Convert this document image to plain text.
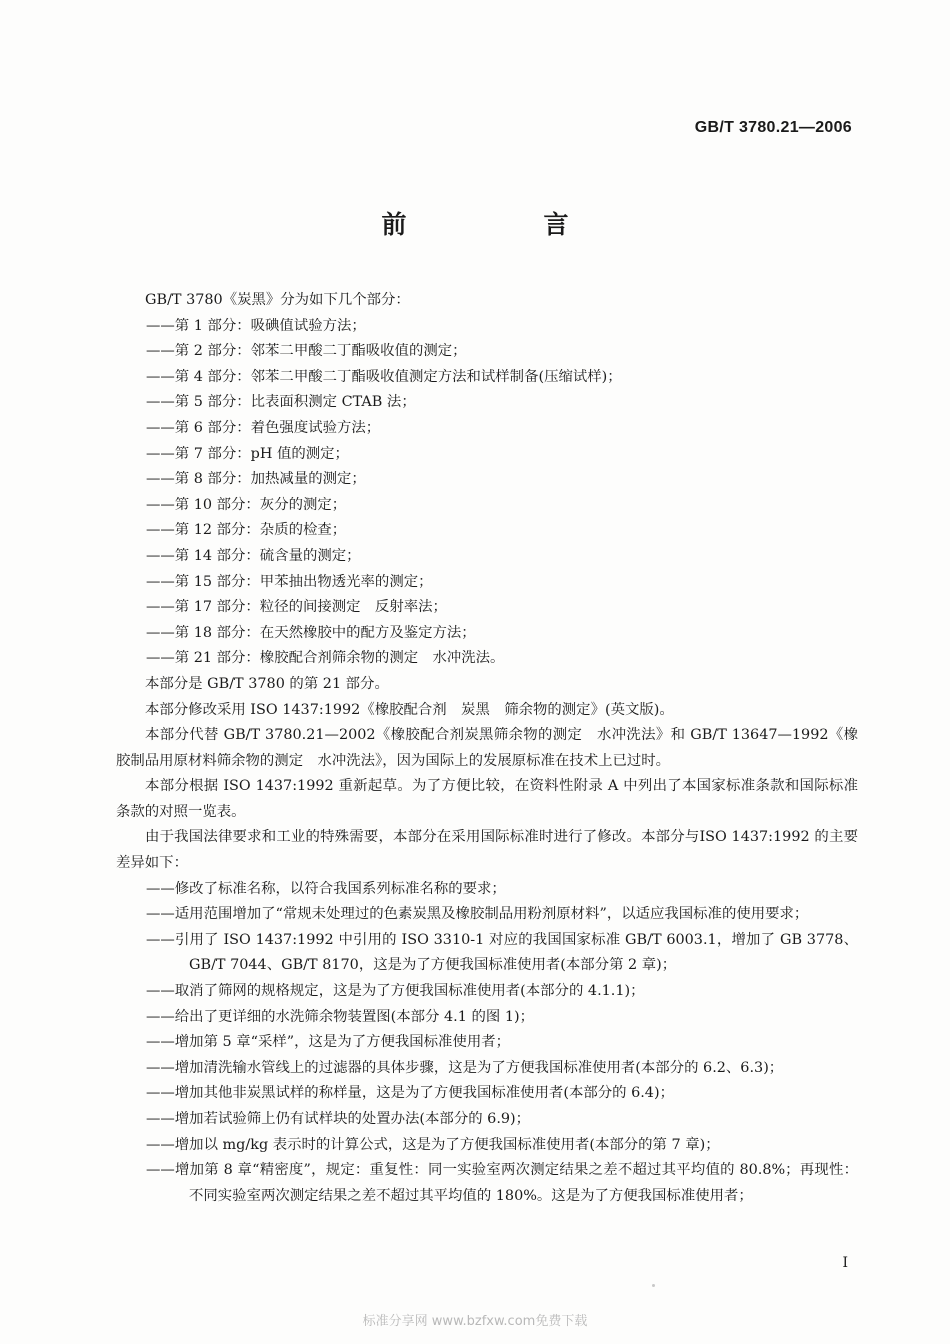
GB/T 3780.21—2006
前　言

GB/T 3780《炭黑》分为如下几个部分：

——第 1 部分：吸碘值试验方法；

——第 2 部分：邻苯二甲酸二丁酯吸收值的测定；

——第 4 部分：邻苯二甲酸二丁酯吸收值测定方法和试样制备(压缩试样)；

——第 5 部分：比表面积测定 CTAB 法；

——第 6 部分：着色强度试验方法；

——第 7 部分：pH 值的测定；

——第 8 部分：加热减量的测定；

——第 10 部分：灰分的测定；

——第 12 部分：杂质的检查；

——第 14 部分：硫含量的测定；

——第 15 部分：甲苯抽出物透光率的测定；

——第 17 部分：粒径的间接测定　反射率法；

——第 18 部分：在天然橡胶中的配方及鉴定方法；

——第 21 部分：橡胶配合剂筛余物的测定　水冲洗法。

本部分是 GB/T 3780 的第 21 部分。

本部分修改采用 ISO 1437:1992《橡胶配合剂　炭黑　筛余物的测定》(英文版)。

本部分代替 GB/T 3780.21—2002《橡胶配合剂炭黑筛余物的测定　水冲洗法》和 GB/T 13647—1992《橡胶制品用原材料筛余物的测定　水冲洗法》，因为国际上的发展原标准在技术上已过时。

本部分根据 ISO 1437:1992 重新起草。为了方便比较，在资料性附录 A 中列出了本国家标准条款和国际标准条款的对照一览表。

由于我国法律要求和工业的特殊需要，本部分在采用国际标准时进行了修改。本部分与ISO 1437:1992 的主要差异如下：

——修改了标准名称，以符合我国系列标准名称的要求；

——适用范围增加了“常规未处理过的色素炭黑及橡胶制品用粉剂原材料”，以适应我国标准的使用要求；

——引用了 ISO 1437:1992 中引用的 ISO 3310-1 对应的我国国家标准 GB/T 6003.1，增加了 GB 3778、GB/T 7044、GB/T 8170，这是为了方便我国标准使用者(本部分第 2 章)；

——取消了筛网的规格规定，这是为了方便我国标准使用者(本部分的 4.1.1)；

——给出了更详细的水洗筛余物装置图(本部分 4.1 的图 1)；

——增加第 5 章“采样”，这是为了方便我国标准使用者；

——增加清洗输水管线上的过滤器的具体步骤，这是为了方便我国标准使用者(本部分的 6.2、6.3)；

——增加其他非炭黑试样的称样量，这是为了方便我国标准使用者(本部分的 6.4)；

——增加若试验筛上仍有试样块的处置办法(本部分的 6.9)；

——增加以 mg/kg 表示时的计算公式，这是为了方便我国标准使用者(本部分的第 7 章)；

——增加第 8 章“精密度”，规定：重复性：同一实验室两次测定结果之差不超过其平均值的 80.8%；再现性：不同实验室两次测定结果之差不超过其平均值的 180%。这是为了方便我国标准使用者；

I
标准分享网 www.bzfxw.com免费下载
